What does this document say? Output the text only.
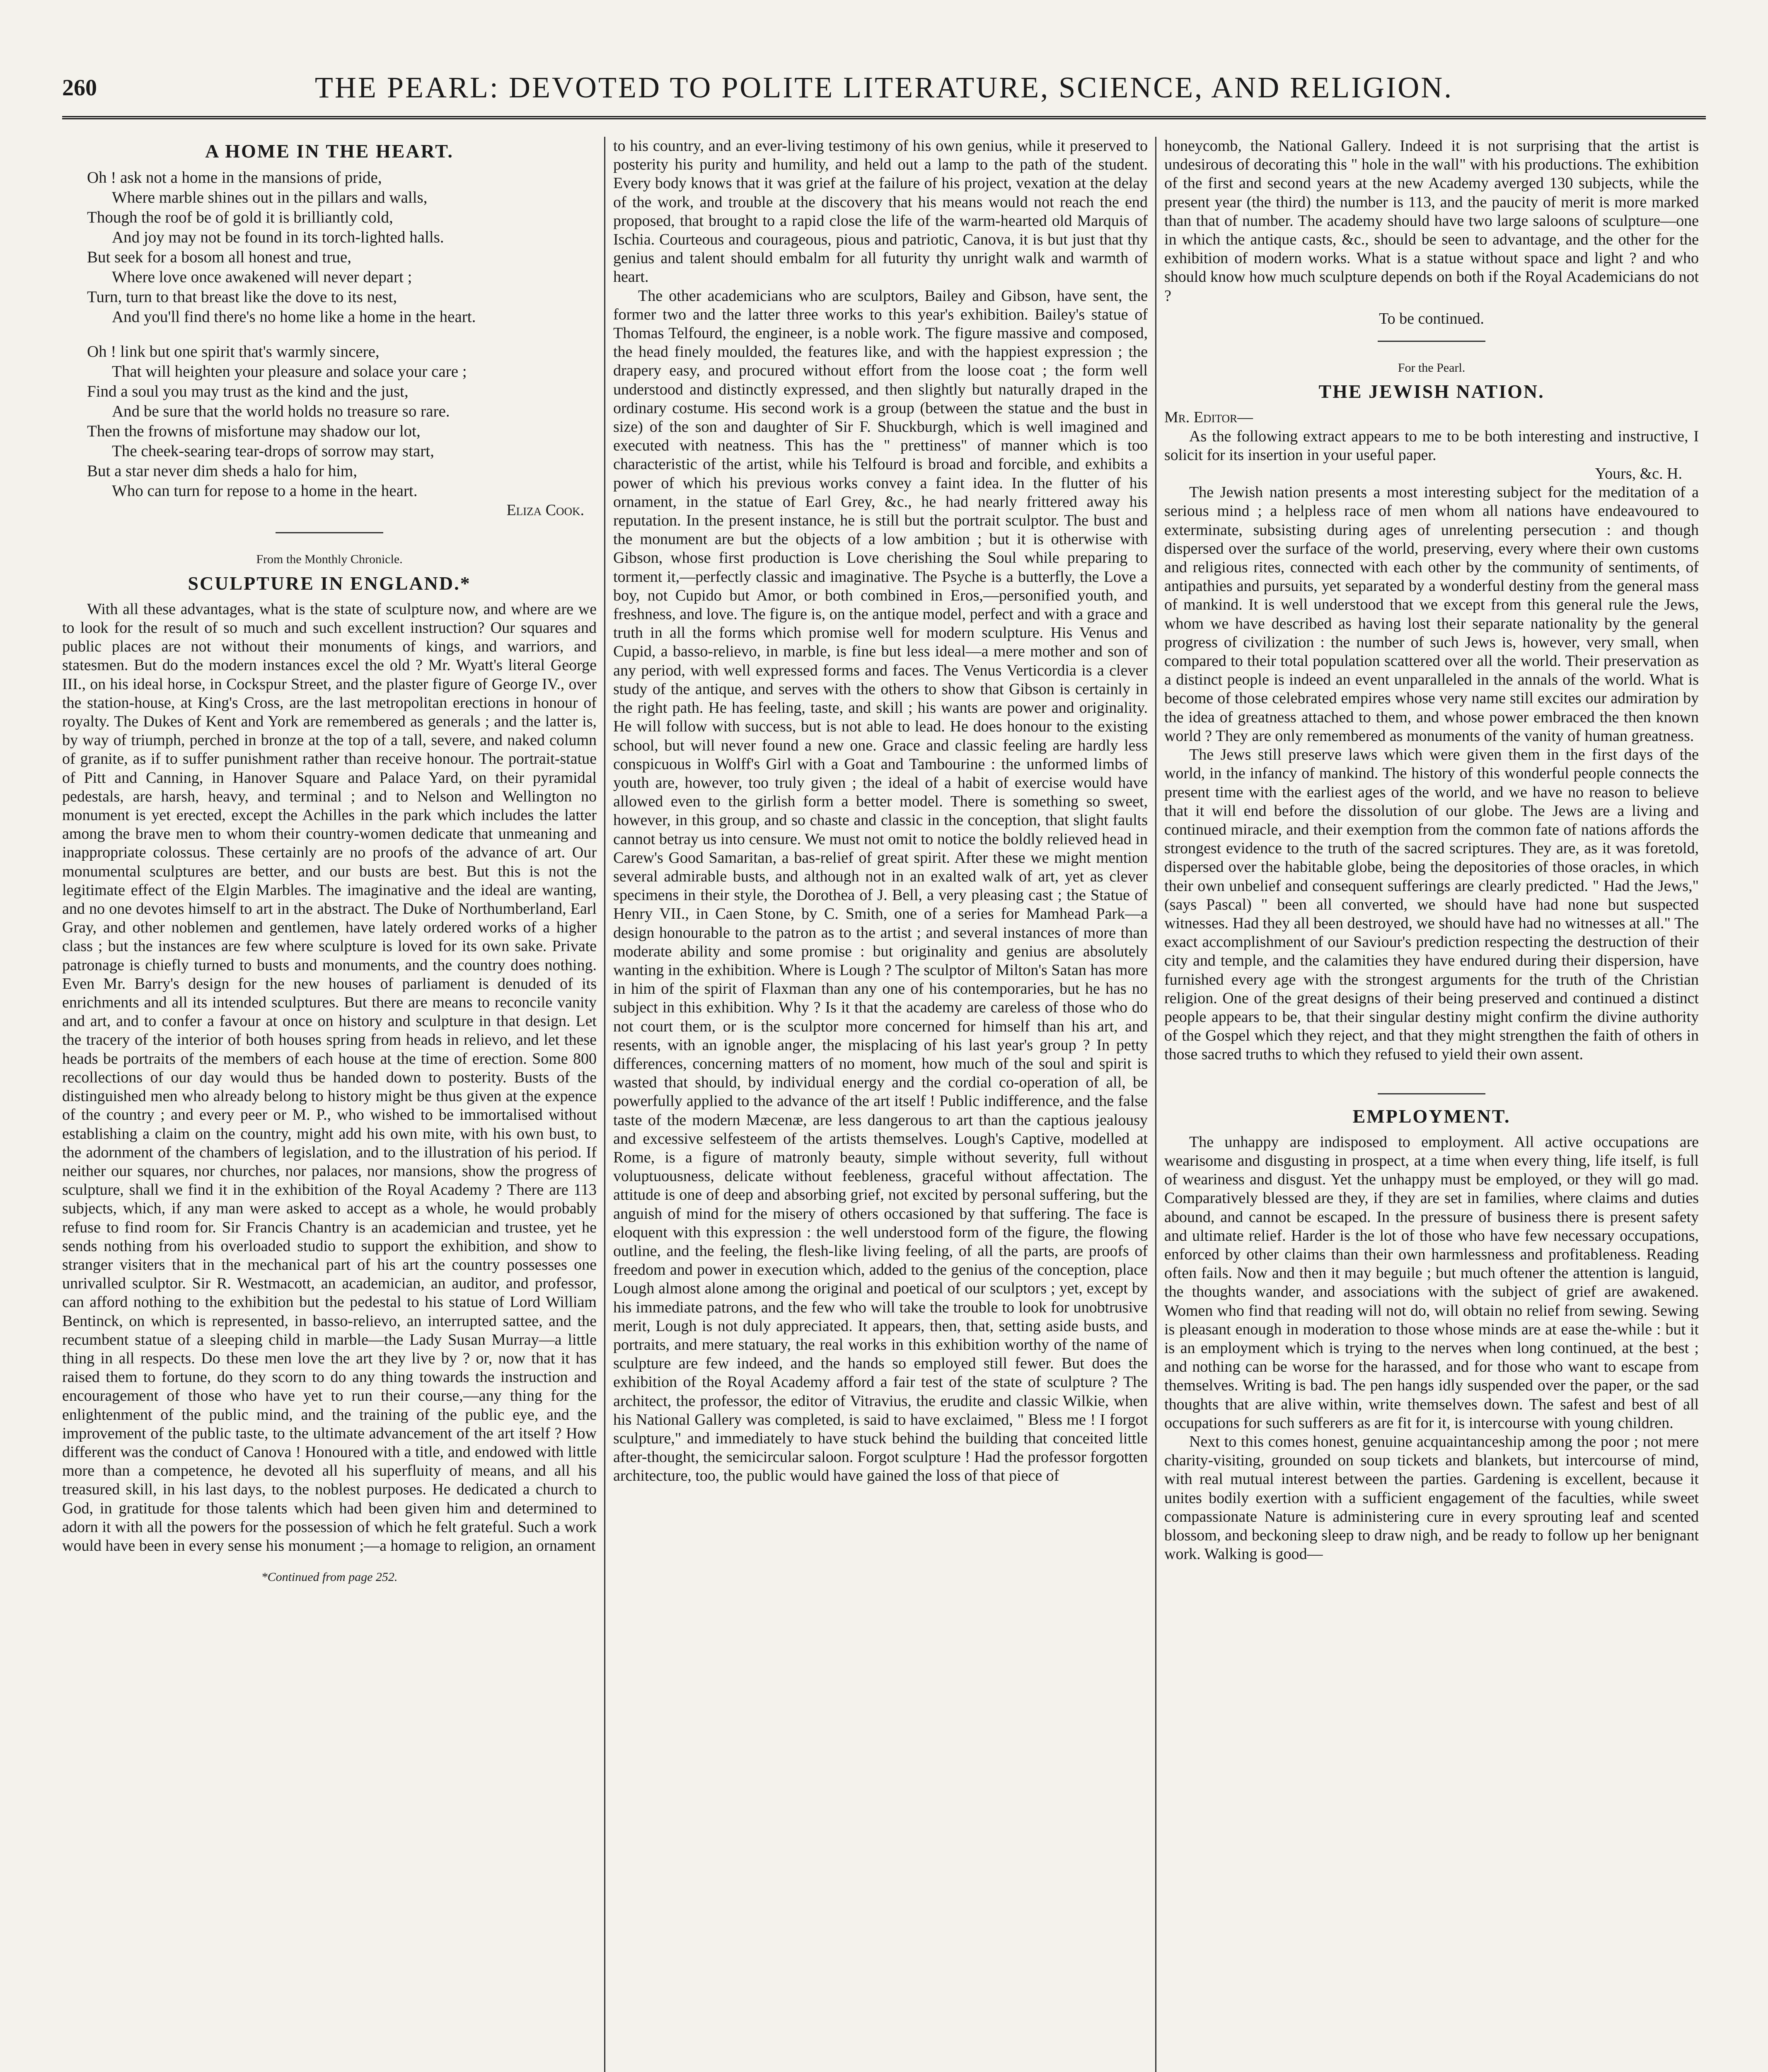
260	THE PEARL: DEVOTED TO POLITE LITERATURE, SCIENCE, AND RELIGION.
A HOME IN THE HEART.
Oh ! ask not a home in the mansions of pride,
Where marble shines out in the pillars and walls,
Though the roof be of gold it is brilliantly cold,
And joy may not be found in its torch-lighted halls.
But seek for a bosom all honest and true,
Where love once awakened will never depart ;
Turn, turn to that breast like the dove to its nest,
And you'll find there's no home like a home in the heart.
Oh ! link but one spirit that's warmly sincere,
That will heighten your pleasure and solace your care ;
Find a soul you may trust as the kind and the just,
And be sure that the world holds no treasure so rare.
Then the frowns of misfortune may shadow our lot,
The cheek-searing tear-drops of sorrow may start,
But a star never dim sheds a halo for him,
Who can turn for repose to a home in the heart.
Eliza Cook.
From the Monthly Chronicle.
SCULPTURE IN ENGLAND.*

With all these advantages, what is the state of sculpture now, and where are we to look for the result of so much and such excellent instruction? Our squares and public places are not without their monuments of kings, and warriors, and statesmen. But do the modern instances excel the old ? Mr. Wyatt's literal George III., on his ideal horse, in Cockspur Street, and the plaster figure of George IV., over the station-house, at King's Cross, are the last metropolitan erections in honour of royalty. The Dukes of Kent and York are remembered as generals ; and the latter is, by way of triumph, perched in bronze at the top of a tall, severe, and naked column of granite, as if to suffer punishment rather than receive honour. The portrait-statue of Pitt and Canning, in Hanover Square and Palace Yard, on their pyramidal pedestals, are harsh, heavy, and terminal ; and to Nelson and Wellington no monument is yet erected, except the Achilles in the park which includes the latter among the brave men to whom their country-women dedicate that unmeaning and inappropriate colossus. These certainly are no proofs of the advance of art. Our monumental sculptures are better, and our busts are best. But this is not the legitimate effect of the Elgin Marbles. The imaginative and the ideal are wanting, and no one devotes himself to art in the abstract. The Duke of Northumberland, Earl Gray, and other noblemen and gentlemen, have lately ordered works of a higher class ; but the instances are few where sculpture is loved for its own sake. Private patronage is chiefly turned to busts and monuments, and the country does nothing. Even Mr. Barry's design for the new houses of parliament is denuded of its enrichments and all its intended sculptures. But there are means to reconcile vanity and art, and to confer a favour at once on history and sculpture in that design. Let the tracery of the interior of both houses spring from heads in relievo, and let these heads be portraits of the members of each house at the time of erection. Some 800 recollections of our day would thus be handed down to posterity. Busts of the distinguished men who already belong to history might be thus given at the expence of the country ; and every peer or M. P., who wished to be immortalised without establishing a claim on the country, might add his own mite, with his own bust, to the adornment of the chambers of legislation, and to the illustration of his period. If neither our squares, nor churches, nor palaces, nor mansions, show the progress of sculpture, shall we find it in the exhibition of the Royal Academy ? There are 113 subjects, which, if any man were asked to accept as a whole, he would probably refuse to find room for. Sir Francis Chantry is an academician and trustee, yet he sends nothing from his overloaded studio to support the exhibition, and show to stranger visiters that in the mechanical part of his art the country possesses one unrivalled sculptor. Sir R. Westmacott, an academician, an auditor, and professor, can afford nothing to the exhibition but the pedestal to his statue of Lord William Bentinck, on which is represented, in basso-relievo, an interrupted sattee, and the recumbent statue of a sleeping child in marble—the Lady Susan Murray—a little thing in all respects. Do these men love the art they live by ? or, now that it has raised them to fortune, do they scorn to do any thing towards the instruction and encouragement of those who have yet to run their course,—any thing for the enlightenment of the public mind, and the training of the public eye, and the improvement of the public taste, to the ultimate advancement of the art itself ? How different was the conduct of Canova ! Honoured with a title, and endowed with little more than a competence, he devoted all his superfluity of means, and all his treasured skill, in his last days, to the noblest purposes. He dedicated a church to God, in gratitude for those talents which had been given him and determined to adorn it with all the powers for the possession of which he felt grateful. Such a work would have been in every sense his monument ;—a homage to religion, an ornament

*Continued from page 252.

to his country, and an ever-living testimony of his own genius, while it preserved to posterity his purity and humility, and held out a lamp to the path of the student. Every body knows that it was grief at the failure of his project, vexation at the delay of the work, and trouble at the discovery that his means would not reach the end proposed, that brought to a rapid close the life of the warm-hearted old Marquis of Ischia. Courteous and courageous, pious and patriotic, Canova, it is but just that thy genius and talent should embalm for all futurity thy unright walk and warmth of heart.

The other academicians who are sculptors, Bailey and Gibson, have sent, the former two and the latter three works to this year's exhibition. Bailey's statue of Thomas Telfourd, the engineer, is a noble work. The figure massive and composed, the head finely moulded, the features like, and with the happiest expression ; the drapery easy, and procured without effort from the loose coat ; the form well understood and distinctly expressed, and then slightly but naturally draped in the ordinary costume. His second work is a group (between the statue and the bust in size) of the son and daughter of Sir F. Shuckburgh, which is well imagined and executed with neatness. This has the " prettiness" of manner which is too characteristic of the artist, while his Telfourd is broad and forcible, and exhibits a power of which his previous works convey a faint idea. In the flutter of his ornament, in the statue of Earl Grey, &c., he had nearly frittered away his reputation. In the present instance, he is still but the portrait sculptor. The bust and the monument are but the objects of a low ambition ; but it is otherwise with Gibson, whose first production is Love cherishing the Soul while preparing to torment it,—perfectly classic and imaginative. The Psyche is a butterfly, the Love a boy, not Cupido but Amor, or both combined in Eros,—personified youth, and freshness, and love. The figure is, on the antique model, perfect and with a grace and truth in all the forms which promise well for modern sculpture. His Venus and Cupid, a basso-relievo, in marble, is fine but less ideal—a mere mother and son of any period, with well expressed forms and faces. The Venus Verticordia is a clever study of the antique, and serves with the others to show that Gibson is certainly in the right path. He has feeling, taste, and skill ; his wants are power and originality. He will follow with success, but is not able to lead. He does honour to the existing school, but will never found a new one. Grace and classic feeling are hardly less conspicuous in Wolff's Girl with a Goat and Tambourine : the unformed limbs of youth are, however, too truly given ; the ideal of a habit of exercise would have allowed even to the girlish form a better model. There is something so sweet, however, in this group, and so chaste and classic in the conception, that slight faults cannot betray us into censure. We must not omit to notice the boldly relieved head in Carew's Good Samaritan, a bas-relief of great spirit. After these we might mention several admirable busts, and although not in an exalted walk of art, yet as clever specimens in their style, the Dorothea of J. Bell, a very pleasing cast ; the Statue of Henry VII., in Caen Stone, by C. Smith, one of a series for Mamhead Park—a design honourable to the patron as to the artist ; and several instances of more than moderate ability and some promise : but originality and genius are absolutely wanting in the exhibition. Where is Lough ? The sculptor of Milton's Satan has more in him of the spirit of Flaxman than any one of his contemporaries, but he has no subject in this exhibition. Why ? Is it that the academy are careless of those who do not court them, or is the sculptor more concerned for himself than his art, and resents, with an ignoble anger, the misplacing of his last year's group ? In petty differences, concerning matters of no moment, how much of the soul and spirit is wasted that should, by individual energy and the cordial co-operation of all, be powerfully applied to the advance of the art itself ! Public indifference, and the false taste of the modern Mæcenæ, are less dangerous to art than the captious jealousy and excessive selfesteem of the artists themselves. Lough's Captive, modelled at Rome, is a figure of matronly beauty, simple without severity, full without voluptuousness, delicate without feebleness, graceful without affectation. The attitude is one of deep and absorbing grief, not excited by personal suffering, but the anguish of mind for the misery of others occasioned by that suffering. The face is eloquent with this expression : the well understood form of the figure, the flowing outline, and the feeling, the flesh-like living feeling, of all the parts, are proofs of freedom and power in execution which, added to the genius of the conception, place Lough almost alone among the original and poetical of our sculptors ; yet, except by his immediate patrons, and the few who will take the trouble to look for unobtrusive merit, Lough is not duly appreciated. It appears, then, that, setting aside busts, and portraits, and mere statuary, the real works in this exhibition worthy of the name of sculpture are few indeed, and the hands so employed still fewer. But does the exhibition of the Royal Academy afford a fair test of the state of sculpture ? The architect, the professor, the editor of Vitravius, the erudite and classic Wilkie, when his National Gallery was completed, is said to have exclaimed, " Bless me ! I forgot sculpture," and immediately to have stuck behind the building that conceited little after-thought, the semicircular saloon. Forgot sculpture ! Had the professor forgotten architecture, too, the public would have gained the loss of that piece of

honeycomb, the National Gallery. Indeed it is not surprising that the artist is undesirous of decorating this " hole in the wall" with his productions. The exhibition of the first and second years at the new Academy averged 130 subjects, while the present year (the third) the number is 113, and the paucity of merit is more marked than that of number. The academy should have two large saloons of sculpture—one in which the antique casts, &c., should be seen to advantage, and the other for the exhibition of modern works. What is a statue without space and light ? and who should know how much sculpture depends on both if the Royal Academicians do not ?

To be continued.
For the Pearl.
THE JEWISH NATION.
Mr. Editor—

As the following extract appears to me to be both interesting and instructive, I solicit for its insertion in your useful paper.

Yours, &c. H.

The Jewish nation presents a most interesting subject for the meditation of a serious mind ; a helpless race of men whom all nations have endeavoured to exterminate, subsisting during ages of unrelenting persecution : and though dispersed over the surface of the world, preserving, every where their own customs and religious rites, connected with each other by the community of sentiments, of antipathies and pursuits, yet separated by a wonderful destiny from the general mass of mankind. It is well understood that we except from this general rule the Jews, whom we have described as having lost their separate nationality by the general progress of civilization : the number of such Jews is, however, very small, when compared to their total population scattered over all the world. Their preservation as a distinct people is indeed an event unparalleled in the annals of the world. What is become of those celebrated empires whose very name still excites our admiration by the idea of greatness attached to them, and whose power embraced the then known world ? They are only remembered as monuments of the vanity of human greatness.

The Jews still preserve laws which were given them in the first days of the world, in the infancy of mankind. The history of this wonderful people connects the present time with the earliest ages of the world, and we have no reason to believe that it will end before the dissolution of our globe. The Jews are a living and continued miracle, and their exemption from the common fate of nations affords the strongest evidence to the truth of the sacred scriptures. They are, as it was foretold, dispersed over the habitable globe, being the depositories of those oracles, in which their own unbelief and consequent sufferings are clearly predicted. " Had the Jews," (says Pascal) " been all converted, we should have had none but suspected witnesses. Had they all been destroyed, we should have had no witnesses at all." The exact accomplishment of our Saviour's prediction respecting the destruction of their city and temple, and the calamities they have endured during their dispersion, have furnished every age with the strongest arguments for the truth of the Christian religion. One of the great designs of their being preserved and continued a distinct people appears to be, that their singular destiny might confirm the divine authority of the Gospel which they reject, and that they might strengthen the faith of others in those sacred truths to which they refused to yield their own assent.

EMPLOYMENT.

The unhappy are indisposed to employment. All active occupations are wearisome and disgusting in prospect, at a time when every thing, life itself, is full of weariness and disgust. Yet the unhappy must be employed, or they will go mad. Comparatively blessed are they, if they are set in families, where claims and duties abound, and cannot be escaped. In the pressure of business there is present safety and ultimate relief. Harder is the lot of those who have few necessary occupations, enforced by other claims than their own harmlessness and profitableness. Reading often fails. Now and then it may beguile ; but much oftener the attention is languid, the thoughts wander, and associations with the subject of grief are awakened. Women who find that reading will not do, will obtain no relief from sewing. Sewing is pleasant enough in moderation to those whose minds are at ease the-while : but it is an employment which is trying to the nerves when long continued, at the best ; and nothing can be worse for the harassed, and for those who want to escape from themselves. Writing is bad. The pen hangs idly suspended over the paper, or the sad thoughts that are alive within, write themselves down. The safest and best of all occupations for such sufferers as are fit for it, is intercourse with young children.

Next to this comes honest, genuine acquaintanceship among the poor ; not mere charity-visiting, grounded on soup tickets and blankets, but intercourse of mind, with real mutual interest between the parties. Gardening is excellent, because it unites bodily exertion with a sufficient engagement of the faculties, while sweet compassionate Nature is administering cure in every sprouting leaf and scented blossom, and beckoning sleep to draw nigh, and be ready to follow up her benignant work. Walking is good—
